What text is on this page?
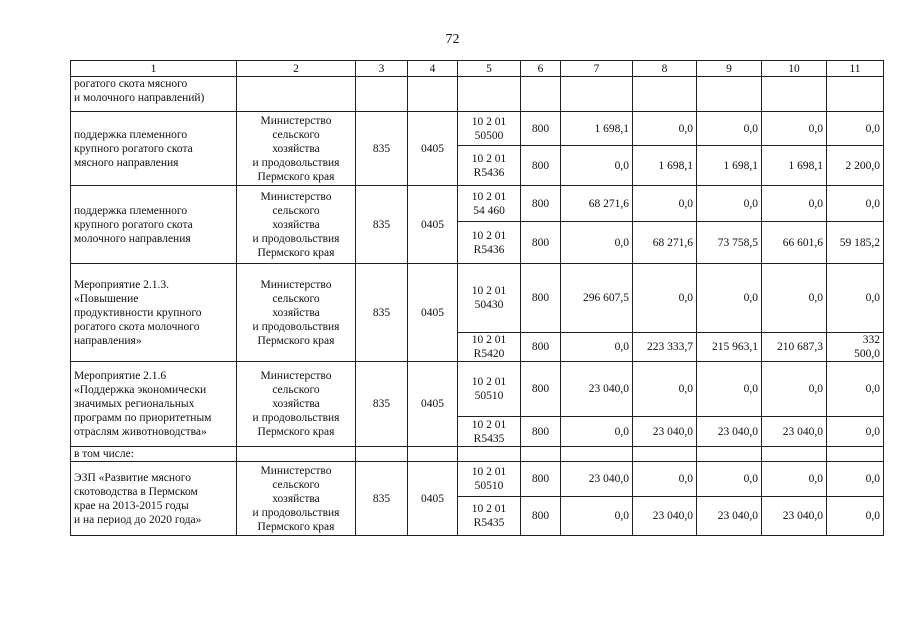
72
1	2	3	4	5	6	7	8	9	10	11
рогатого скота мясного
и молочного направлений)										
поддержка племенного
крупного рогатого скота
мясного направления	Министерство
сельского
хозяйства
и продовольствия
Пермского края	835	0405	10 2 01
50500	800	1 698,1	0,0	0,0	0,0	0,0
				10 2 01
R5436	800	0,0	1 698,1	1 698,1	1 698,1	2 200,0
поддержка племенного
крупного рогатого скота
молочного направления	Министерство
сельского
хозяйства
и продовольствия
Пермского края	835	0405	10 2 01
54 460	800	68 271,6	0,0	0,0	0,0	0,0
				10 2 01
R5436	800	0,0	68 271,6	73 758,5	66 601,6	59 185,2
Мероприятие 2.1.3.
«Повышение
продуктивности крупного
рогатого скота молочного
направления»	Министерство
сельского
хозяйства
и продовольствия
Пермского края	835	0405	10 2 01
50430	800	296 607,5	0,0	0,0	0,0	0,0
				10 2 01
R5420	800	0,0	223 333,7	215 963,1	210 687,3	332
500,0
Мероприятие 2.1.6
«Поддержка экономически
значимых региональных
программ по приоритетным
отраслям животноводства»	Министерство
сельского
хозяйства
и продовольствия
Пермского края	835	0405	10 2 01
50510	800	23 040,0	0,0	0,0	0,0	0,0
				10 2 01
R5435	800	0,0	23 040,0	23 040,0	23 040,0	0,0
в том числе:										
ЭЗП «Развитие мясного
скотоводства в Пермском
крае на 2013-2015 годы
и на период до 2020 года»	Министерство
сельского
хозяйства
и продовольствия
Пермского края	835	0405	10 2 01
50510	800	23 040,0	0,0	0,0	0,0	0,0
				10 2 01
R5435	800	0,0	23 040,0	23 040,0	23 040,0	0,0
